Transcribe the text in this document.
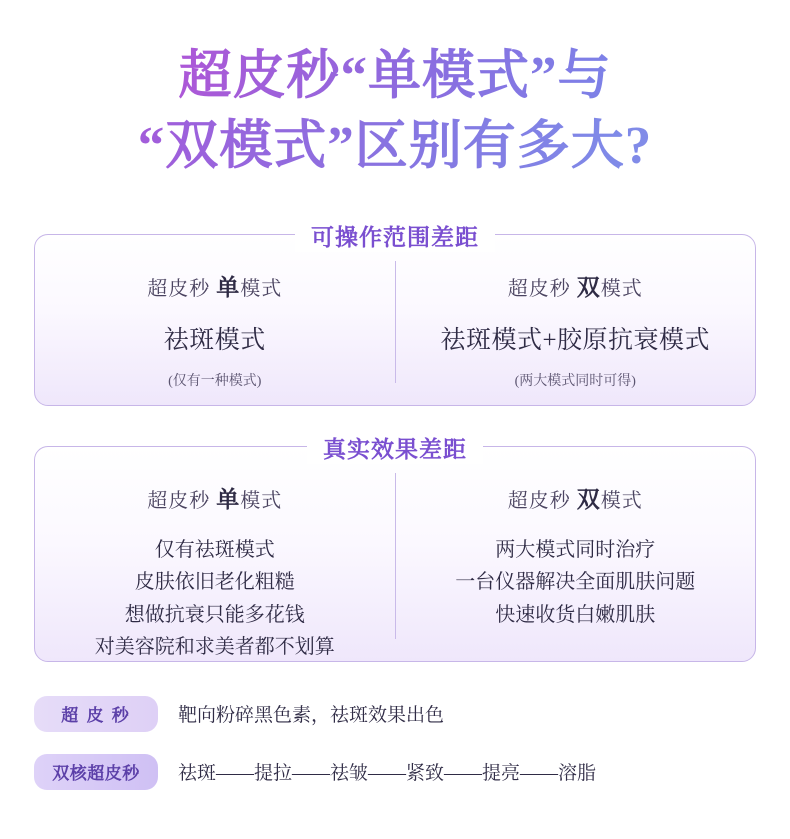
超皮秒“单模式”与
“双模式”区别有多大?
可操作范围差距
超皮秒 单模式
祛斑模式
(仅有一种模式)
超皮秒 双模式
祛斑模式+胶原抗衰模式
(两大模式同时可得)
真实效果差距
超皮秒 单模式
仅有祛斑模式
皮肤依旧老化粗糙
想做抗衰只能多花钱
对美容院和求美者都不划算
超皮秒 双模式
两大模式同时治疗
一台仪器解决全面肌肤问题
快速收货白嫩肌肤
超 皮 秒	靶向粉碎黑色素，祛斑效果出色
双核超皮秒	祛斑——提拉——祛皱——紧致——提亮——溶脂
